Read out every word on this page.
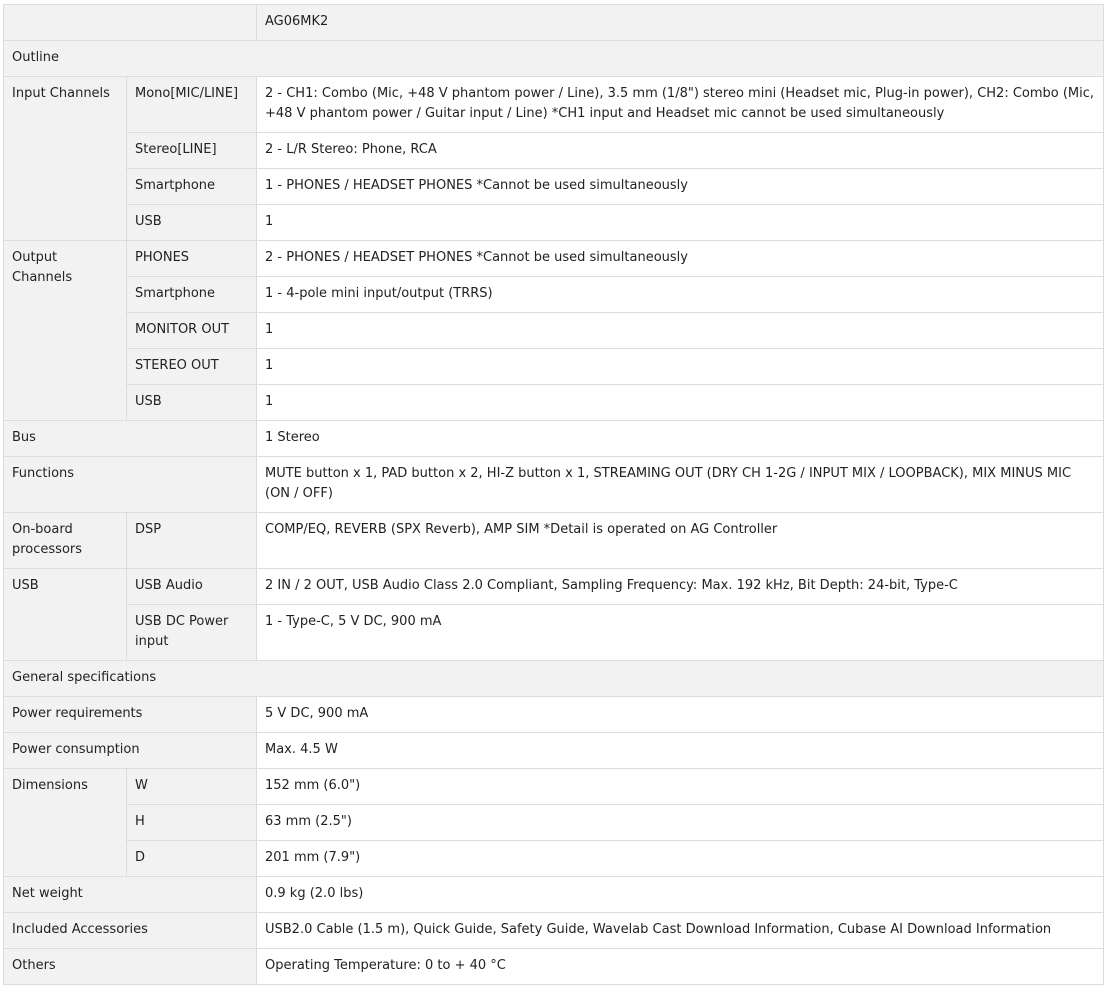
		AG06MK2
Outline		
Input Channels	Mono[MIC/LINE]	2 - CH1: Combo (Mic, +48 V phantom power / Line), 3.5 mm (1/8") stereo mini (Headset mic, Plug-in power), CH2: Combo (Mic, +48 V phantom power / Guitar input / Line) *CH1 input and Headset mic cannot be used simultaneously
	Stereo[LINE]	2 - L/R Stereo: Phone, RCA
	Smartphone	1 - PHONES / HEADSET PHONES *Cannot be used simultaneously
	USB	1
Output Channels	PHONES	2 - PHONES / HEADSET PHONES *Cannot be used simultaneously
	Smartphone	1 - 4-pole mini input/output (TRRS)
	MONITOR OUT	1
	STEREO OUT	1
	USB	1
Bus		1 Stereo
Functions		MUTE button x 1, PAD button x 2, HI-Z button x 1, STREAMING OUT (DRY CH 1-2G / INPUT MIX / LOOPBACK), MIX MINUS MIC (ON / OFF)
On-board processors	DSP	COMP/EQ, REVERB (SPX Reverb), AMP SIM *Detail is operated on AG Controller
USB	USB Audio	2 IN / 2 OUT, USB Audio Class 2.0 Compliant, Sampling Frequency: Max. 192 kHz, Bit Depth: 24-bit, Type-C
	USB DC Power input	1 - Type-C, 5 V DC, 900 mA
General specifications		
Power requirements		5 V DC, 900 mA
Power consumption		Max. 4.5 W
Dimensions	W	152 mm (6.0")
	H	63 mm (2.5")
	D	201 mm (7.9")
Net weight		0.9 kg (2.0 lbs)
Included Accessories		USB2.0 Cable (1.5 m), Quick Guide, Safety Guide, Wavelab Cast Download Information, Cubase AI Download Information
Others		Operating Temperature: 0 to + 40 °C
